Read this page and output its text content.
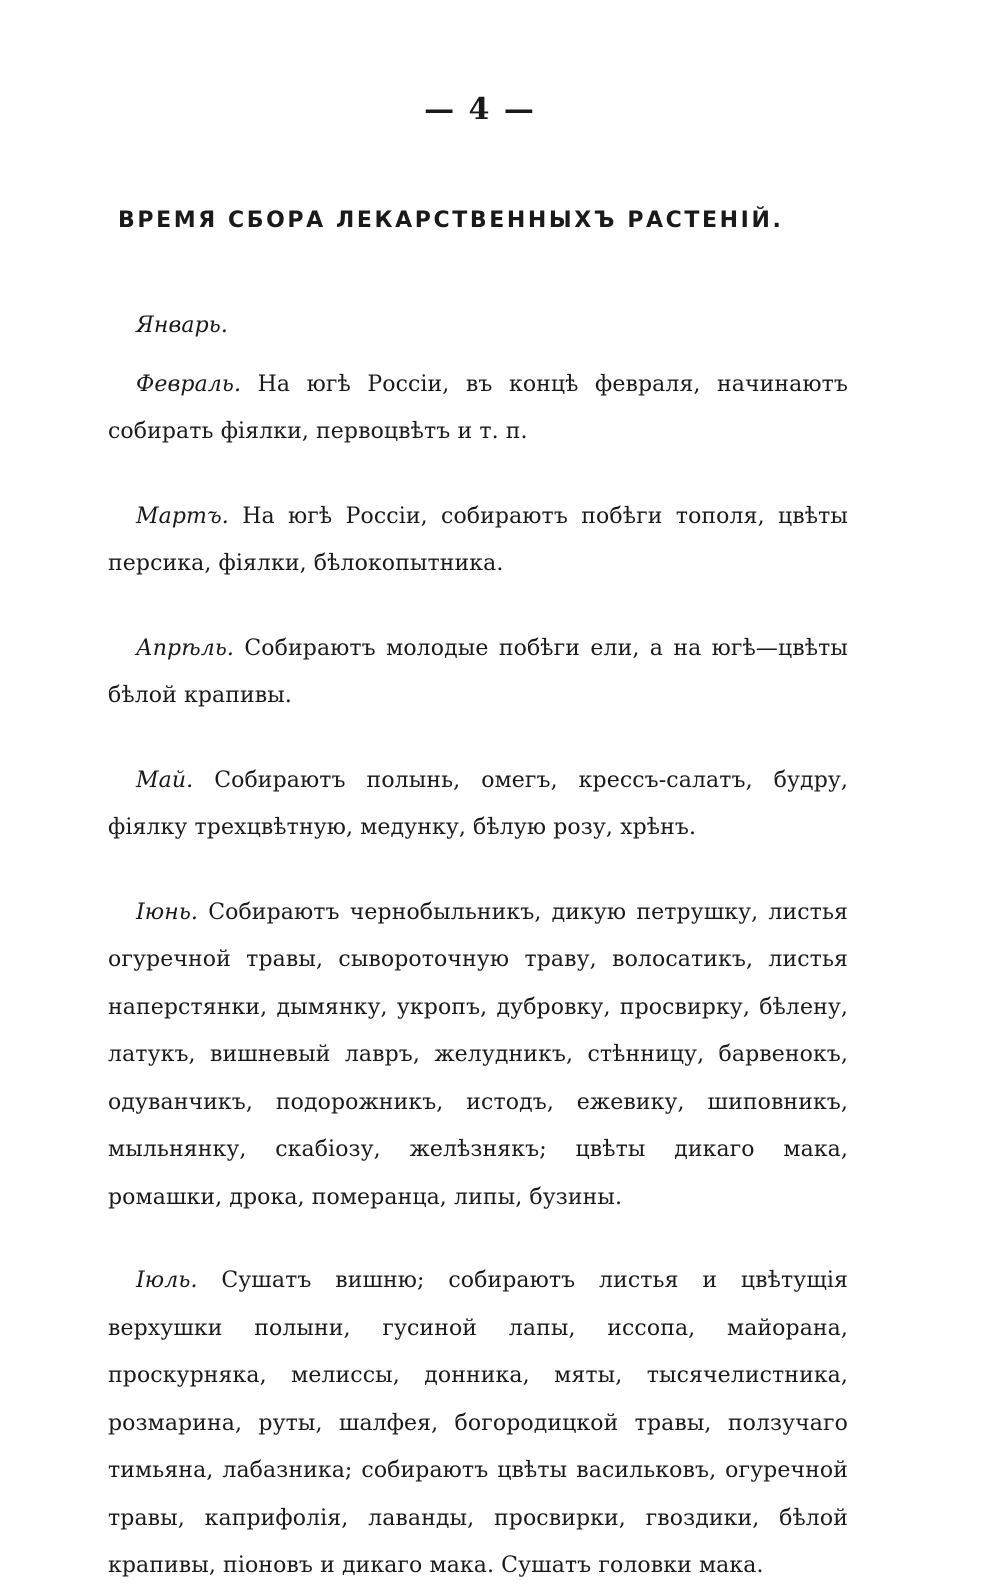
— 4 —
ВРЕМЯ СБОРА ЛЕКАРСТВЕННЫХЪ РАСТЕНІЙ.

Январь.

Февраль. На югѣ Россіи, въ концѣ февраля, начинаютъ собирать фіялки, первоцвѣтъ и т. п.

Мартъ. На югѣ Россіи, собираютъ побѣги тополя, цвѣты персика, фіялки, бѣлокопытника.

Апрѣль. Собираютъ молодые побѣги ели, а на югѣ—цвѣты бѣлой крапивы.

Май. Собираютъ полынь, омегъ, крессъ-салатъ, будру, фіялку трехцвѣтную, медунку, бѣлую розу, хрѣнъ.

Іюнь. Собираютъ чернобыльникъ, дикую петрушку, листья огуречной травы, сывороточную траву, волосатикъ, листья наперстянки, дымянку, укропъ, дубровку, просвирку, бѣлену, латукъ, вишневый лавръ, желудникъ, стѣнницу, барвенокъ, одуванчикъ, подорожникъ, истодъ, ежевику, шиповникъ, мыльнянку, скабіозу, желѣзнякъ; цвѣты дикаго мака, ромашки, дрока, померанца, липы, бузины.

Іюль. Сушатъ вишню; собираютъ листья и цвѣтущія верхушки полыни, гусиной лапы, иссопа, майорана, проскурняка, мелиссы, донника, мяты, тысячелистника, розмарина, руты, шалфея, богородицкой травы, ползучаго тимьяна, лабазника; собираютъ цвѣты васильковъ, огуречной травы, каприфолія, лаванды, просвирки, гвоздики, бѣлой крапивы, піоновъ и дикаго мака. Сушатъ головки мака.
